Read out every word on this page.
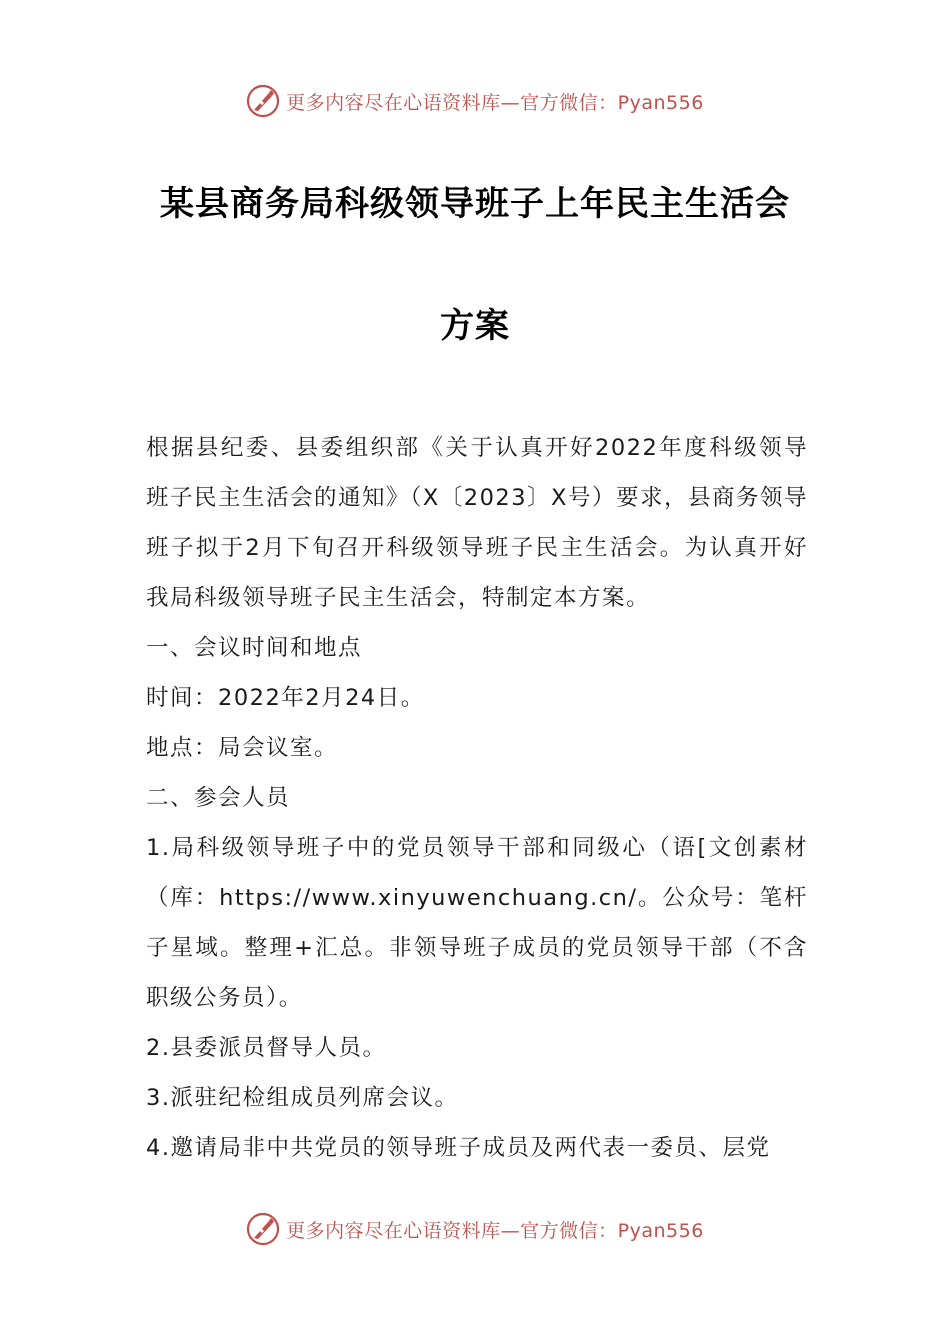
更多内容尽在心语资料库—官方微信：Pyan556
某县商务局科级领导班子上年民主生活会
方案

根据县纪委、县委组织部《关于认真开好2022年度科级领导班子民主生活会的通知》（X〔2023〕X号）要求，县商务领导班子拟于2月下旬召开科级领导班子民主生活会。为认真开好我局科级领导班子民主生活会，特制定本方案。

一、会议时间和地点

时间：2022年2月24日。

地点：局会议室。

二、参会人员

1.局科级领导班子中的党员领导干部和同级心（语[文创素材（库：https://www.xinyuwenchuang.cn/。公众号：笔杆子星域。整理+汇总。非领导班子成员的党员领导干部（不含职级公务员）。

2.县委派员督导人员。

3.派驻纪检组成员列席会议。

4.邀请局非中共党员的领导班子成员及两代表一委员、层党

更多内容尽在心语资料库—官方微信：Pyan556
